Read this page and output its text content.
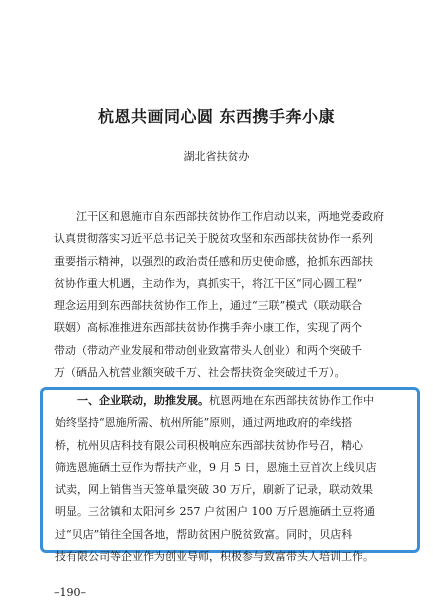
杭恩共画同心圆 东西携手奔小康
湖北省扶贫办
江干区和恩施市自东西部扶贫协作工作启动以来，两地党委政府
认真贯彻落实习近平总书记关于脱贫攻坚和东西部扶贫协作一系列
重要指示精神，以强烈的政治责任感和历史使命感，抢抓东西部扶
贫协作重大机遇，主动作为，真抓实干，将江干区“同心圆工程”
理念运用到东西部扶贫协作工作上，通过“三联”模式（联动联合
联姻）高标准推进东西部扶贫协作携手奔小康工作，实现了两个
带动（带动产业发展和带动创业致富带头人创业）和两个突破千
万（硒品入杭营业额突破千万、社会帮扶资金突破过千万）。
一、企业联动，助推发展。杭恩两地在东西部扶贫协作工作中
始终坚持“恩施所需、杭州所能”原则，通过两地政府的牵线搭
桥，杭州贝店科技有限公司积极响应东西部扶贫协作号召，精心
筛选恩施硒土豆作为帮扶产业，9 月 5 日，恩施土豆首次上线贝店
试卖，网上销售当天签单量突破 30 万斤，刷新了记录，联动效果
明显。三岔镇和太阳河乡 257 户贫困户 100 万斤恩施硒土豆将通
过“贝店”销往全国各地，帮助贫困户脱贫致富。同时，贝店科
技有限公司等企业作为创业导师，积极参与致富带头人培训工作。
–190–
